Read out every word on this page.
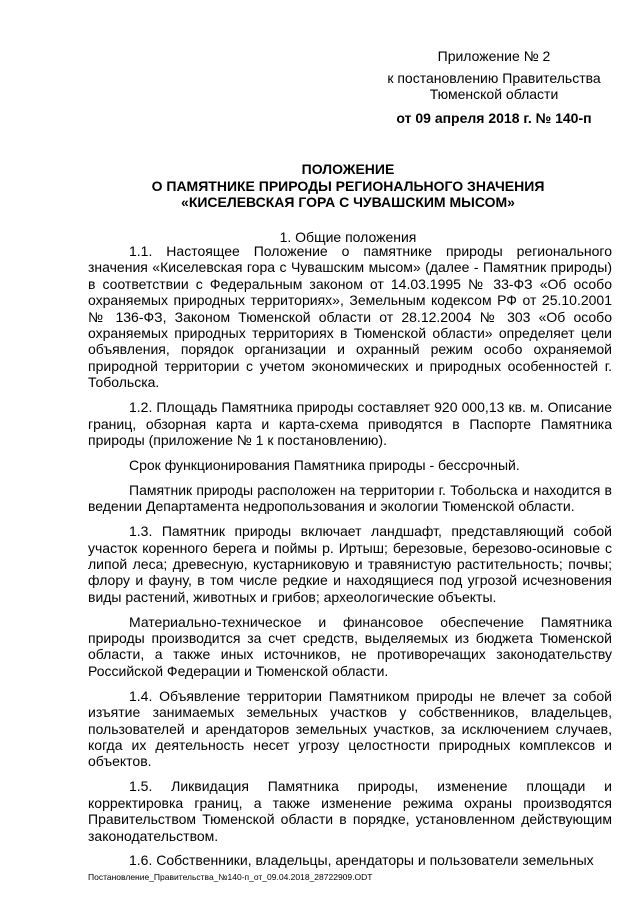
Приложение № 2
к постановлению Правительства Тюменской области
от 09 апреля 2018 г. № 140-п
ПОЛОЖЕНИЕ
О ПАМЯТНИКЕ ПРИРОДЫ РЕГИОНАЛЬНОГО ЗНАЧЕНИЯ
«КИСЕЛЕВСКАЯ ГОРА С ЧУВАШСКИМ МЫСОМ»
1. Общие положения

1.1. Настоящее Положение о памятнике природы регионального значения «Киселевская гора с Чувашским мысом» (далее - Памятник природы) в соответствии с Федеральным законом от 14.03.1995 № 33-ФЗ «Об особо охраняемых природных территориях», Земельным кодексом РФ от 25.10.2001 № 136-ФЗ, Законом Тюменской области от 28.12.2004 № 303 «Об особо охраняемых природных территориях в Тюменской области» определяет цели объявления, порядок организации и охранный режим особо охраняемой природной территории с учетом экономических и природных особенностей г. Тобольска.

1.2. Площадь Памятника природы составляет 920 000,13 кв. м. Описание границ, обзорная карта и карта-схема приводятся в Паспорте Памятника природы (приложение № 1 к постановлению).

Срок функционирования Памятника природы - бессрочный.

Памятник природы расположен на территории г. Тобольска и находится в ведении Департамента недропользования и экологии Тюменской области.

1.3. Памятник природы включает ландшафт, представляющий собой участок коренного берега и поймы р. Иртыш; березовые, березово-осиновые с липой леса; древесную, кустарниковую и травянистую растительность; почвы; флору и фауну, в том числе редкие и находящиеся под угрозой исчезновения виды растений, животных и грибов; археологические объекты.

Материально-техническое и финансовое обеспечение Памятника природы производится за счет средств, выделяемых из бюджета Тюменской области, а также иных источников, не противоречащих законодательству Российской Федерации и Тюменской области.

1.4. Объявление территории Памятником природы не влечет за собой изъятие занимаемых земельных участков у собственников, владельцев, пользователей и арендаторов земельных участков, за исключением случаев, когда их деятельность несет угрозу целостности природных комплексов и объектов.

1.5. Ликвидация Памятника природы, изменение площади и корректировка границ, а также изменение режима охраны производятся Правительством Тюменской области в порядке, установленном действующим законодательством.

1.6. Собственники, владельцы, арендаторы и пользователи земельных

Постановление_Правительства_№140-п_от_09.04.2018_28722909.ODT
